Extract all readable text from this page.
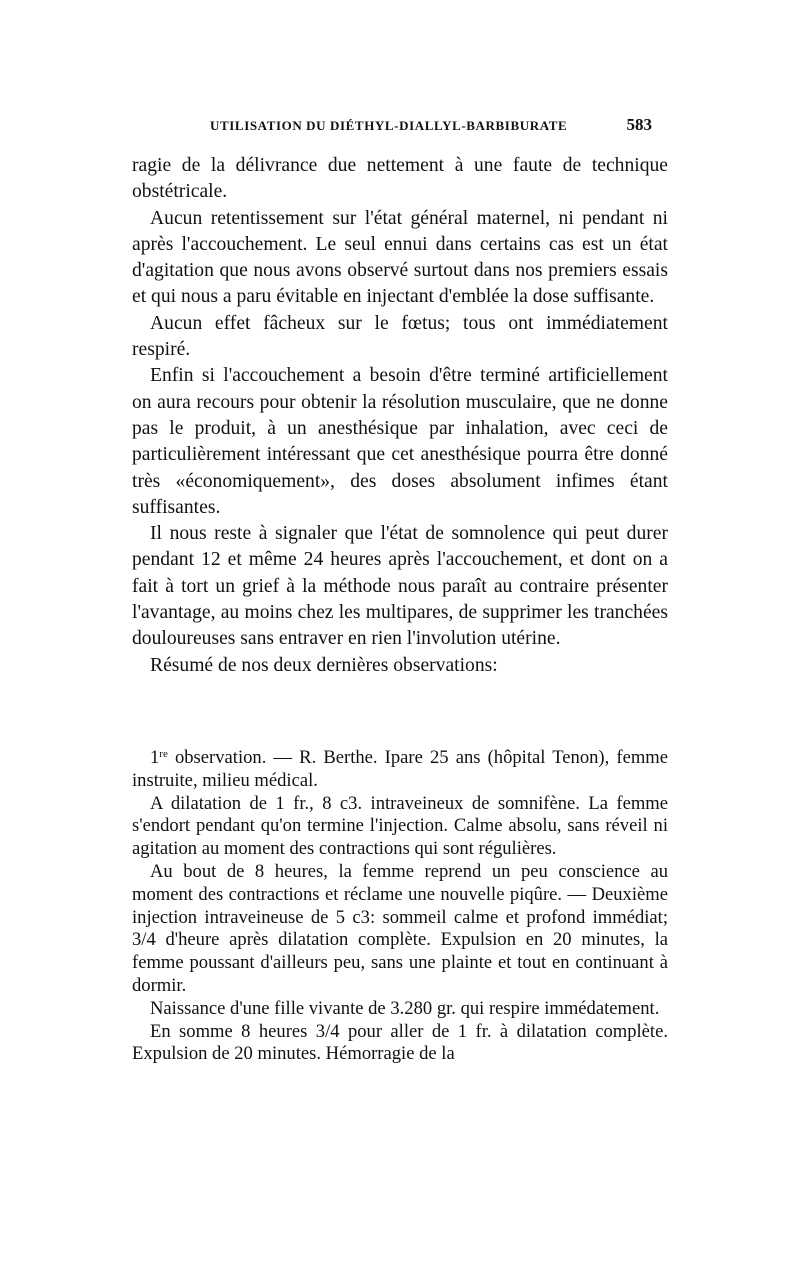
UTILISATION DU DIÉTHYL-DIALLYL-BARBIBURATE	583

ragie de la délivrance due nettement à une faute de technique obstétricale.

Aucun retentissement sur l'état général maternel, ni pendant ni après l'accouchement. Le seul ennui dans certains cas est un état d'agitation que nous avons observé surtout dans nos premiers essais et qui nous a paru évitable en injectant d'emblée la dose suffisante.

Aucun effet fâcheux sur le fœtus; tous ont immédiatement respiré.

Enfin si l'accouchement a besoin d'être terminé artificiellement on aura recours pour obtenir la résolution musculaire, que ne donne pas le produit, à un anesthésique par inhalation, avec ceci de particulièrement intéressant que cet anesthésique pourra être donné très «économiquement», des doses absolument infimes étant suffisantes.

Il nous reste à signaler que l'état de somnolence qui peut durer pendant 12 et même 24 heures après l'accouchement, et dont on a fait à tort un grief à la méthode nous paraît au contraire présenter l'avantage, au moins chez les multipares, de supprimer les tranchées douloureuses sans entraver en rien l'involution utérine.

Résumé de nos deux dernières observations:

1re observation. — R. Berthe. Ipare 25 ans (hôpital Tenon), femme instruite, milieu médical.

A dilatation de 1 fr., 8 c3. intraveineux de somnifène. La femme s'endort pendant qu'on termine l'injection. Calme absolu, sans réveil ni agitation au moment des contractions qui sont régulières.

Au bout de 8 heures, la femme reprend un peu conscience au moment des contractions et réclame une nouvelle piqûre. — Deuxième injection intraveineuse de 5 c3: sommeil calme et profond immédiat; 3/4 d'heure après dilatation complète. Expulsion en 20 minutes, la femme poussant d'ailleurs peu, sans une plainte et tout en continuant à dormir.

Naissance d'une fille vivante de 3.280 gr. qui respire immédatement.

En somme 8 heures 3/4 pour aller de 1 fr. à dilatation complète. Expulsion de 20 minutes. Hémorragie de la
